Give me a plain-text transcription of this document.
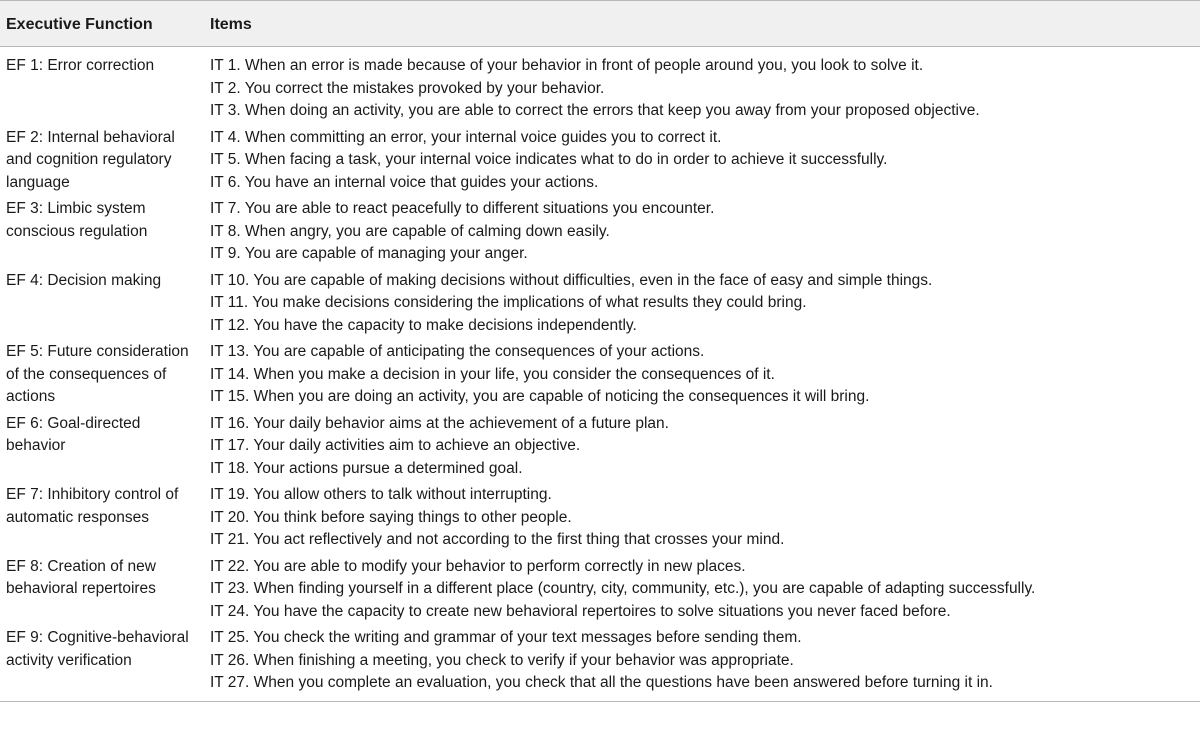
Executive Function	Items
EF 1: Error correction	IT 1. When an error is made because of your behavior in front of people around you, you look to solve it.
IT 2. You correct the mistakes provoked by your behavior.
IT 3. When doing an activity, you are able to correct the errors that keep you away from your proposed objective.

EF 2: Internal behavioral and cognition regulatory language	IT 4. When committing an error, your internal voice guides you to correct it.
IT 5. When facing a task, your internal voice indicates what to do in order to achieve it successfully.
IT 6. You have an internal voice that guides your actions.

EF 3: Limbic system conscious regulation	IT 7. You are able to react peacefully to different situations you encounter.
IT 8. When angry, you are capable of calming down easily.
IT 9. You are capable of managing your anger.

EF 4: Decision making	IT 10. You are capable of making decisions without difficulties, even in the face of easy and simple things.
IT 11. You make decisions considering the implications of what results they could bring.
IT 12. You have the capacity to make decisions independently.

EF 5: Future consideration of the consequences of actions	IT 13. You are capable of anticipating the consequences of your actions.
IT 14. When you make a decision in your life, you consider the consequences of it.
IT 15. When you are doing an activity, you are capable of noticing the consequences it will bring.

EF 6: Goal-directed behavior	IT 16. Your daily behavior aims at the achievement of a future plan.
IT 17. Your daily activities aim to achieve an objective.
IT 18. Your actions pursue a determined goal.

EF 7: Inhibitory control of automatic responses	IT 19. You allow others to talk without interrupting.
IT 20. You think before saying things to other people.
IT 21. You act reflectively and not according to the first thing that crosses your mind.

EF 8: Creation of new behavioral repertoires	IT 22. You are able to modify your behavior to perform correctly in new places.
IT 23. When finding yourself in a different place (country, city, community, etc.), you are capable of adapting successfully.
IT 24. You have the capacity to create new behavioral repertoires to solve situations you never faced before.

EF 9: Cognitive-behavioral activity verification	IT 25. You check the writing and grammar of your text messages before sending them.
IT 26. When finishing a meeting, you check to verify if your behavior was appropriate.
IT 27. When you complete an evaluation, you check that all the questions have been answered before turning it in.
